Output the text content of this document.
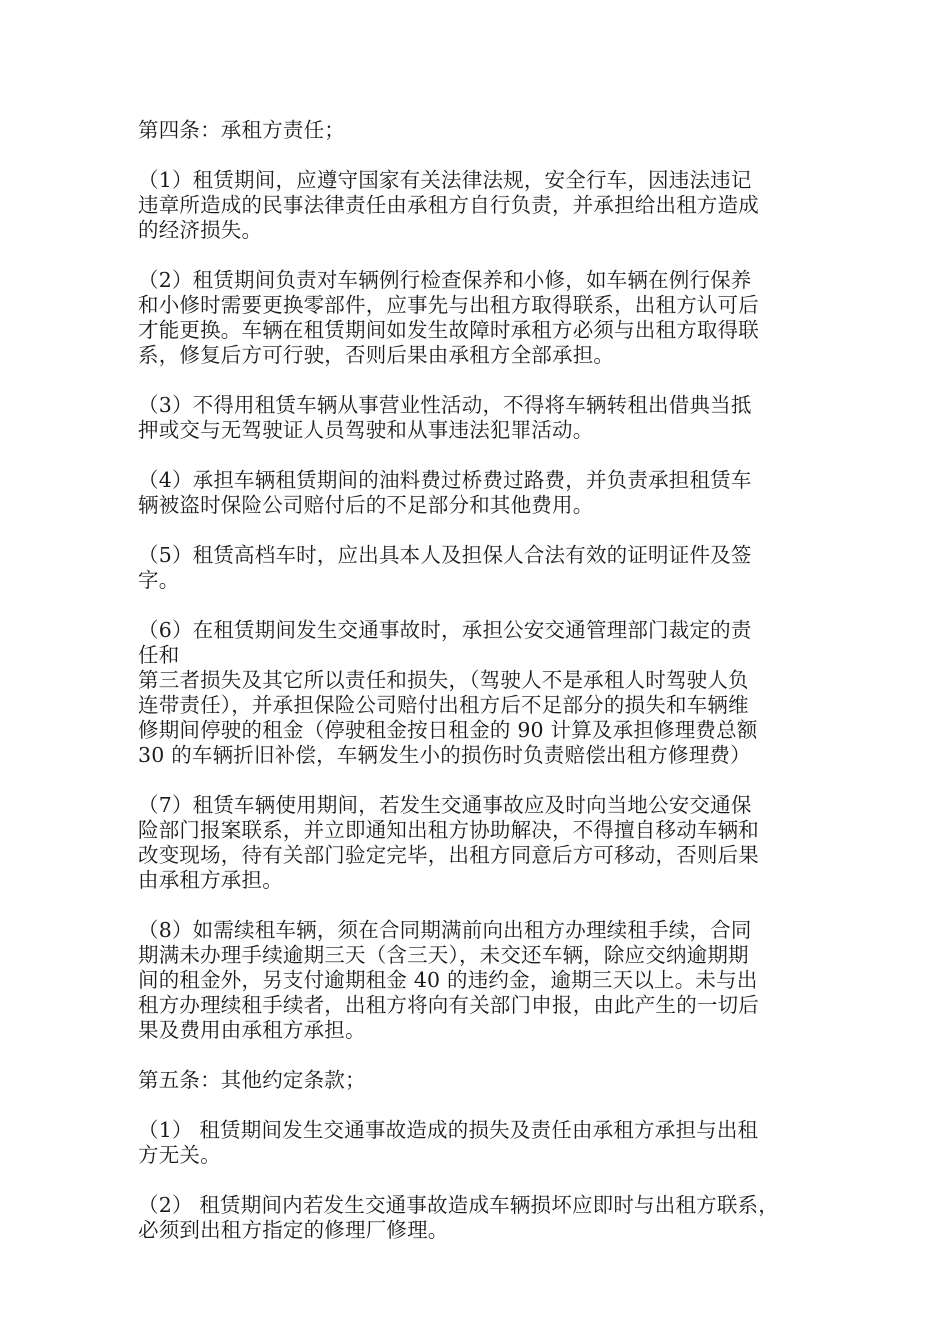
第四条：承租方责任；
（1）租赁期间，应遵守国家有关法律法规，安全行车，因违法违记
违章所造成的民事法律责任由承租方自行负责，并承担给出租方造成
的经济损失。
（2）租赁期间负责对车辆例行检查保养和小修，如车辆在例行保养
和小修时需要更换零部件，应事先与出租方取得联系，出租方认可后
才能更换。车辆在租赁期间如发生故障时承租方必须与出租方取得联
系，修复后方可行驶，否则后果由承租方全部承担。
（3）不得用租赁车辆从事营业性活动，不得将车辆转租出借典当抵
押或交与无驾驶证人员驾驶和从事违法犯罪活动。
（4）承担车辆租赁期间的油料费过桥费过路费，并负责承担租赁车
辆被盗时保险公司赔付后的不足部分和其他费用。
（5）租赁高档车时，应出具本人及担保人合法有效的证明证件及签
字。
（6）在租赁期间发生交通事故时，承担公安交通管理部门裁定的责
任和
第三者损失及其它所以责任和损失，（驾驶人不是承租人时驾驶人负
连带责任），并承担保险公司赔付出租方后不足部分的损失和车辆维
修期间停驶的租金（停驶租金按日租金的 90 计算及承担修理费总额
30 的车辆折旧补偿，车辆发生小的损伤时负责赔偿出租方修理费）
（7）租赁车辆使用期间，若发生交通事故应及时向当地公安交通保
险部门报案联系，并立即通知出租方协助解决，不得擅自移动车辆和
改变现场，待有关部门验定完毕，出租方同意后方可移动，否则后果
由承租方承担。
（8）如需续租车辆，须在合同期满前向出租方办理续租手续，合同
期满未办理手续逾期三天（含三天），未交还车辆，除应交纳逾期期
间的租金外，另支付逾期租金 40 的违约金，逾期三天以上。未与出
租方办理续租手续者，出租方将向有关部门申报，由此产生的一切后
果及费用由承租方承担。
第五条：其他约定条款；
（1） 租赁期间发生交通事故造成的损失及责任由承租方承担与出租
方无关。
（2） 租赁期间内若发生交通事故造成车辆损坏应即时与出租方联系，
必须到出租方指定的修理厂修理。
